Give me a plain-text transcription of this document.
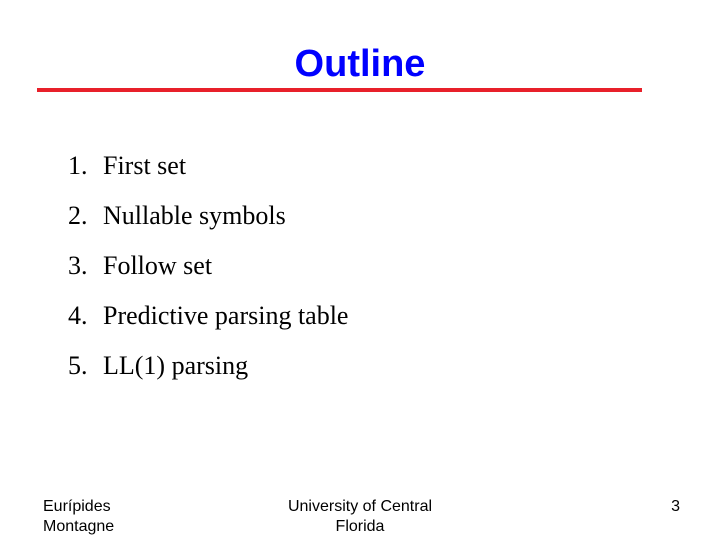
Outline
1. First set
2. Nullable symbols
3. Follow set
4. Predictive parsing table
5. LL(1) parsing
Eurípides
Montagne
University of Central
Florida
3
